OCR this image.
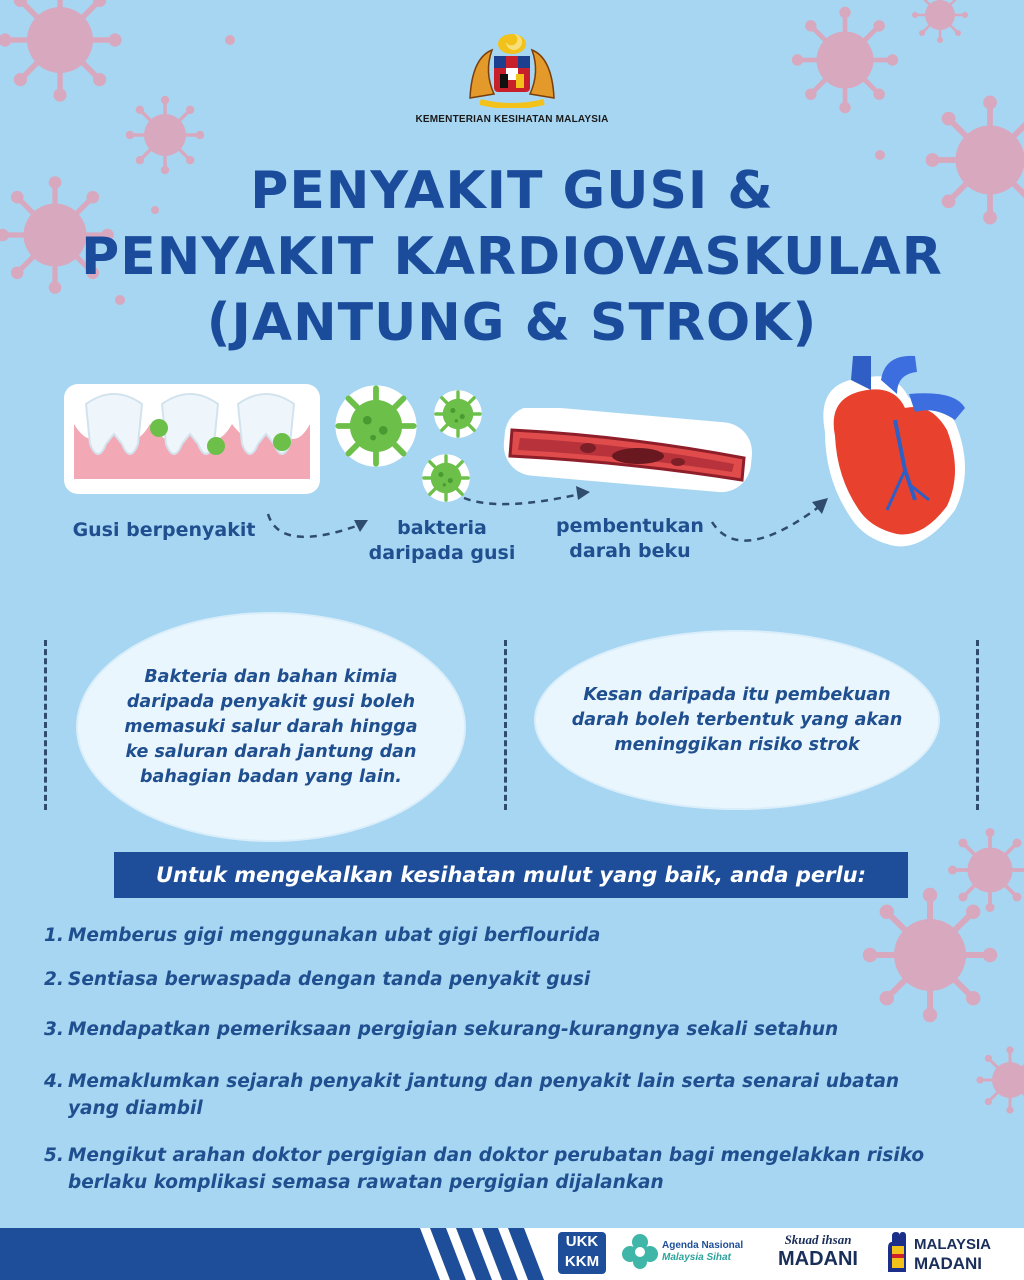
KEMENTERIAN KESIHATAN MALAYSIA
PENYAKIT GUSI &
PENYAKIT KARDIOVASKULAR
(JANTUNG & STROK)
Gusi berpenyakit	bakteria
daripada gusi
pembentukan
darah beku
Bakteria dan bahan kimia
daripada penyakit gusi boleh
memasuki salur darah hingga
ke saluran darah jantung dan
bahagian badan yang lain.
Kesan daripada itu pembekuan
darah boleh terbentuk yang akan
meninggikan risiko strok
Untuk mengekalkan kesihatan mulut yang baik, anda perlu:
1. Memberus gigi menggunakan ubat gigi berflourida
2. Sentiasa berwaspada dengan tanda penyakit gusi
3. Mendapatkan pemeriksaan pergigian sekurang-kurangnya sekali setahun
4. Memaklumkan sejarah penyakit jantung dan penyakit lain serta senarai ubatan
yang diambil
5. Mengikut arahan doktor pergigian dan doktor perubatan bagi mengelakkan risiko
berlaku komplikasi semasa rawatan pergigian dijalankan
UKK
KKM
Agenda Nasional
Malaysia Sihat
Skuad ihsan
MADANI
MALAYSIA
MADANI
